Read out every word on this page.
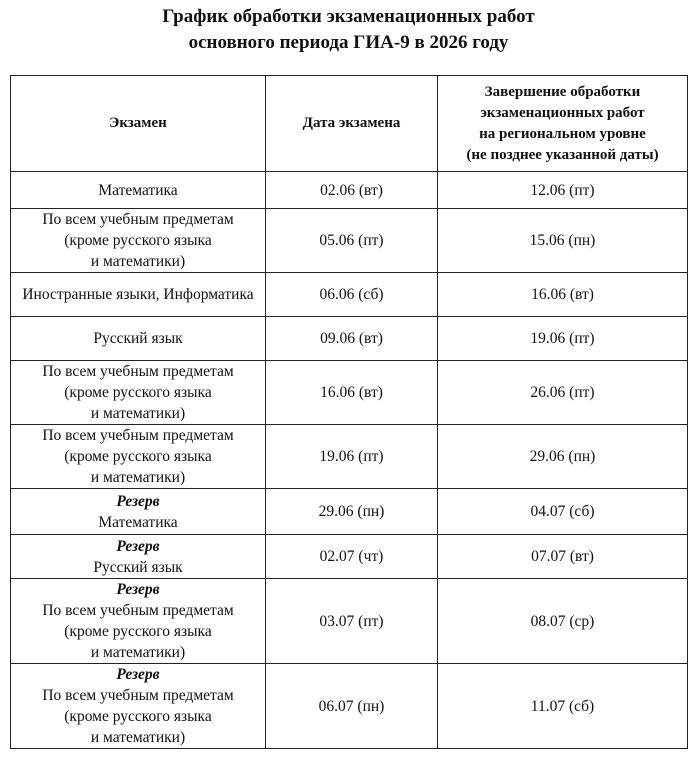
График обработки экзаменационных работ
основного периода ГИА-9 в 2026 году
Экзамен	Дата экзамена	Завершение обработки
экзаменационных работ
на региональном уровне
(не позднее указанной даты)

Математика	02.06 (вт)	12.06 (пт)

По всем учебным предметам
(кроме русского языка
и математики)	05.06 (пт)	15.06 (пн)

Иностранные языки, Информатика	06.06 (сб)	16.06 (вт)

Русский язык	09.06 (вт)	19.06 (пт)

По всем учебным предметам
(кроме русского языка
и математики)	16.06 (вт)	26.06 (пт)

По всем учебным предметам
(кроме русского языка
и математики)	19.06 (пт)	29.06 (пн)

Резерв
Математика	29.06 (пн)	04.07 (сб)

Резерв
Русский язык	02.07 (чт)	07.07 (вт)

Резерв
По всем учебным предметам
(кроме русского языка
и математики)	03.07 (пт)	08.07 (ср)

Резерв
По всем учебным предметам
(кроме русского языка
и математики)	06.07 (пн)	11.07 (сб)
